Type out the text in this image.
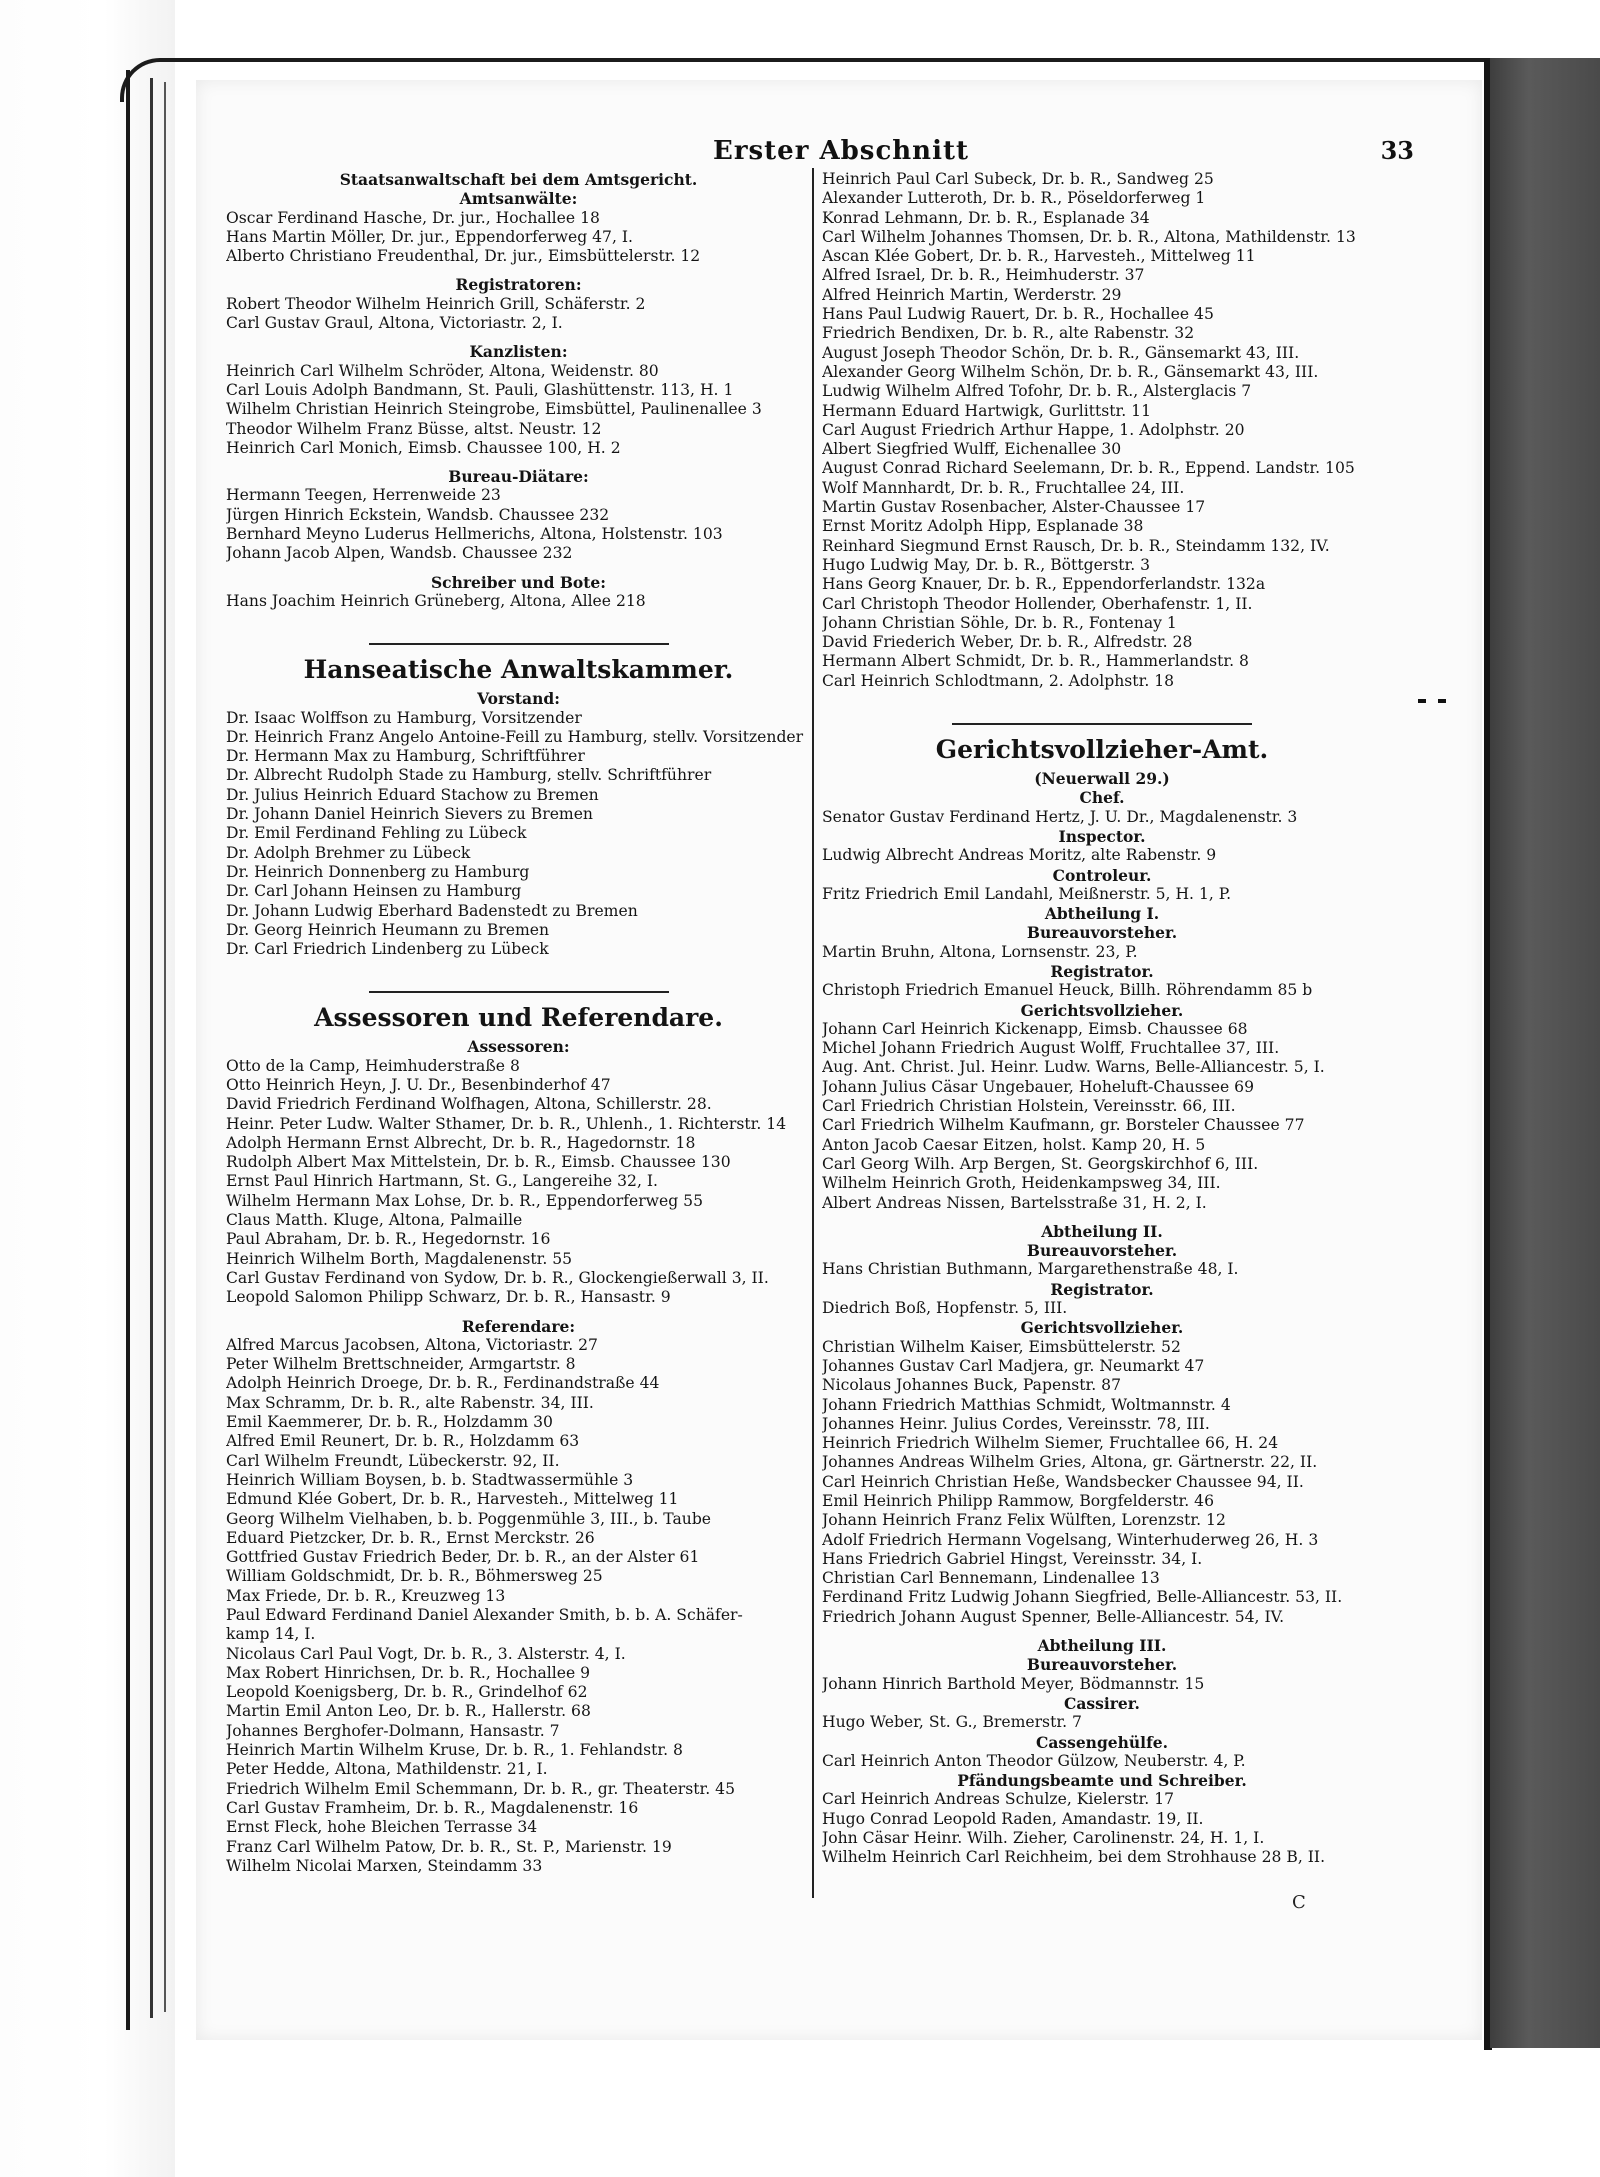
Erster Abschnitt	33
Staatsanwaltschaft bei dem Amtsgericht.
Amtsanwälte:
Oscar Ferdinand Hasche, Dr. jur., Hochallee 18
Hans Martin Möller, Dr. jur., Eppendorferweg 47, I.
Alberto Christiano Freudenthal, Dr. jur., Eimsbüttelerstr. 12
Registratoren:
Robert Theodor Wilhelm Heinrich Grill, Schäferstr. 2
Carl Gustav Graul, Altona, Victoriastr. 2, I.
Kanzlisten:
Heinrich Carl Wilhelm Schröder, Altona, Weidenstr. 80
Carl Louis Adolph Bandmann, St. Pauli, Glashüttenstr. 113, H. 1
Wilhelm Christian Heinrich Steingrobe, Eimsbüttel, Paulinenallee 3
Theodor Wilhelm Franz Büsse, altst. Neustr. 12
Heinrich Carl Monich, Eimsb. Chaussee 100, H. 2
Bureau-Diätare:
Hermann Teegen, Herrenweide 23
Jürgen Hinrich Eckstein, Wandsb. Chaussee 232
Bernhard Meyno Luderus Hellmerichs, Altona, Holstenstr. 103
Johann Jacob Alpen, Wandsb. Chaussee 232
Schreiber und Bote:
Hans Joachim Heinrich Grüneberg, Altona, Allee 218
Hanseatische Anwaltskammer.
Vorstand:
Dr. Isaac Wolffson zu Hamburg, Vorsitzender
Dr. Heinrich Franz Angelo Antoine-Feill zu Hamburg, stellv. Vorsitzender
Dr. Hermann Max zu Hamburg, Schriftführer
Dr. Albrecht Rudolph Stade zu Hamburg, stellv. Schriftführer
Dr. Julius Heinrich Eduard Stachow zu Bremen
Dr. Johann Daniel Heinrich Sievers zu Bremen
Dr. Emil Ferdinand Fehling zu Lübeck
Dr. Adolph Brehmer zu Lübeck
Dr. Heinrich Donnenberg zu Hamburg
Dr. Carl Johann Heinsen zu Hamburg
Dr. Johann Ludwig Eberhard Badenstedt zu Bremen
Dr. Georg Heinrich Heumann zu Bremen
Dr. Carl Friedrich Lindenberg zu Lübeck
Assessoren und Referendare.
Assessoren:
Otto de la Camp, Heimhuderstraße 8
Otto Heinrich Heyn, J. U. Dr., Besenbinderhof 47
David Friedrich Ferdinand Wolfhagen, Altona, Schillerstr. 28.
Heinr. Peter Ludw. Walter Sthamer, Dr. b. R., Uhlenh., 1. Richterstr. 14
Adolph Hermann Ernst Albrecht, Dr. b. R., Hagedornstr. 18
Rudolph Albert Max Mittelstein, Dr. b. R., Eimsb. Chaussee 130
Ernst Paul Hinrich Hartmann, St. G., Langereihe 32, I.
Wilhelm Hermann Max Lohse, Dr. b. R., Eppendorferweg 55
Claus Matth. Kluge, Altona, Palmaille
Paul Abraham, Dr. b. R., Hegedornstr. 16
Heinrich Wilhelm Borth, Magdalenenstr. 55
Carl Gustav Ferdinand von Sydow, Dr. b. R., Glockengießerwall 3, II.
Leopold Salomon Philipp Schwarz, Dr. b. R., Hansastr. 9
Referendare:
Alfred Marcus Jacobsen, Altona, Victoriastr. 27
Peter Wilhelm Brettschneider, Armgartstr. 8
Adolph Heinrich Droege, Dr. b. R., Ferdinandstraße 44
Max Schramm, Dr. b. R., alte Rabenstr. 34, III.
Emil Kaemmerer, Dr. b. R., Holzdamm 30
Alfred Emil Reunert, Dr. b. R., Holzdamm 63
Carl Wilhelm Freundt, Lübeckerstr. 92, II.
Heinrich William Boysen, b. b. Stadtwassermühle 3
Edmund Klée Gobert, Dr. b. R., Harvesteh., Mittelweg 11
Georg Wilhelm Vielhaben, b. b. Poggenmühle 3, III., b. Taube
Eduard Pietzcker, Dr. b. R., Ernst Merckstr. 26
Gottfried Gustav Friedrich Beder, Dr. b. R., an der Alster 61
William Goldschmidt, Dr. b. R., Böhmersweg 25
Max Friede, Dr. b. R., Kreuzweg 13
Paul Edward Ferdinand Daniel Alexander Smith, b. b. A. Schäfer-
kamp 14, I.
Nicolaus Carl Paul Vogt, Dr. b. R., 3. Alsterstr. 4, I.
Max Robert Hinrichsen, Dr. b. R., Hochallee 9
Leopold Koenigsberg, Dr. b. R., Grindelhof 62
Martin Emil Anton Leo, Dr. b. R., Hallerstr. 68
Johannes Berghofer-Dolmann, Hansastr. 7
Heinrich Martin Wilhelm Kruse, Dr. b. R., 1. Fehlandstr. 8
Peter Hedde, Altona, Mathildenstr. 21, I.
Friedrich Wilhelm Emil Schemmann, Dr. b. R., gr. Theaterstr. 45
Carl Gustav Framheim, Dr. b. R., Magdalenenstr. 16
Ernst Fleck, hohe Bleichen Terrasse 34
Franz Carl Wilhelm Patow, Dr. b. R., St. P., Marienstr. 19
Wilhelm Nicolai Marxen, Steindamm 33
Heinrich Paul Carl Subeck, Dr. b. R., Sandweg 25
Alexander Lutteroth, Dr. b. R., Pöseldorferweg 1
Konrad Lehmann, Dr. b. R., Esplanade 34
Carl Wilhelm Johannes Thomsen, Dr. b. R., Altona, Mathildenstr. 13
Ascan Klée Gobert, Dr. b. R., Harvesteh., Mittelweg 11
Alfred Israel, Dr. b. R., Heimhuderstr. 37
Alfred Heinrich Martin, Werderstr. 29
Hans Paul Ludwig Rauert, Dr. b. R., Hochallee 45
Friedrich Bendixen, Dr. b. R., alte Rabenstr. 32
August Joseph Theodor Schön, Dr. b. R., Gänsemarkt 43, III.
Alexander Georg Wilhelm Schön, Dr. b. R., Gänsemarkt 43, III.
Ludwig Wilhelm Alfred Tofohr, Dr. b. R., Alsterglacis 7
Hermann Eduard Hartwigk, Gurlittstr. 11
Carl August Friedrich Arthur Happe, 1. Adolphstr. 20
Albert Siegfried Wulff, Eichenallee 30
August Conrad Richard Seelemann, Dr. b. R., Eppend. Landstr. 105
Wolf Mannhardt, Dr. b. R., Fruchtallee 24, III.
Martin Gustav Rosenbacher, Alster-Chaussee 17
Ernst Moritz Adolph Hipp, Esplanade 38
Reinhard Siegmund Ernst Rausch, Dr. b. R., Steindamm 132, IV.
Hugo Ludwig May, Dr. b. R., Böttgerstr. 3
Hans Georg Knauer, Dr. b. R., Eppendorferlandstr. 132a
Carl Christoph Theodor Hollender, Oberhafenstr. 1, II.
Johann Christian Söhle, Dr. b. R., Fontenay 1
David Friederich Weber, Dr. b. R., Alfredstr. 28
Hermann Albert Schmidt, Dr. b. R., Hammerlandstr. 8
Carl Heinrich Schlodtmann, 2. Adolphstr. 18
Gerichtsvollzieher-Amt.
(Neuerwall 29.)
Chef.
Senator Gustav Ferdinand Hertz, J. U. Dr., Magdalenenstr. 3
Inspector.
Ludwig Albrecht Andreas Moritz, alte Rabenstr. 9
Controleur.
Fritz Friedrich Emil Landahl, Meißnerstr. 5, H. 1, P.
Abtheilung I.
Bureauvorsteher.
Martin Bruhn, Altona, Lornsenstr. 23, P.
Registrator.
Christoph Friedrich Emanuel Heuck, Billh. Röhrendamm 85 b
Gerichtsvollzieher.
Johann Carl Heinrich Kickenapp, Eimsb. Chaussee 68
Michel Johann Friedrich August Wolff, Fruchtallee 37, III.
Aug. Ant. Christ. Jul. Heinr. Ludw. Warns, Belle-Alliancestr. 5, I.
Johann Julius Cäsar Ungebauer, Hoheluft-Chaussee 69
Carl Friedrich Christian Holstein, Vereinsstr. 66, III.
Carl Friedrich Wilhelm Kaufmann, gr. Borsteler Chaussee 77
Anton Jacob Caesar Eitzen, holst. Kamp 20, H. 5
Carl Georg Wilh. Arp Bergen, St. Georgskirchhof 6, III.
Wilhelm Heinrich Groth, Heidenkampsweg 34, III.
Albert Andreas Nissen, Bartelsstraße 31, H. 2, I.
Abtheilung II.
Bureauvorsteher.
Hans Christian Buthmann, Margarethenstraße 48, I.
Registrator.
Diedrich Boß, Hopfenstr. 5, III.
Gerichtsvollzieher.
Christian Wilhelm Kaiser, Eimsbüttelerstr. 52
Johannes Gustav Carl Madjera, gr. Neumarkt 47
Nicolaus Johannes Buck, Papenstr. 87
Johann Friedrich Matthias Schmidt, Woltmannstr. 4
Johannes Heinr. Julius Cordes, Vereinsstr. 78, III.
Heinrich Friedrich Wilhelm Siemer, Fruchtallee 66, H. 24
Johannes Andreas Wilhelm Gries, Altona, gr. Gärtnerstr. 22, II.
Carl Heinrich Christian Heße, Wandsbecker Chaussee 94, II.
Emil Heinrich Philipp Rammow, Borgfelderstr. 46
Johann Heinrich Franz Felix Wülften, Lorenzstr. 12
Adolf Friedrich Hermann Vogelsang, Winterhuderweg 26, H. 3
Hans Friedrich Gabriel Hingst, Vereinsstr. 34, I.
Christian Carl Bennemann, Lindenallee 13
Ferdinand Fritz Ludwig Johann Siegfried, Belle-Alliancestr. 53, II.
Friedrich Johann August Spenner, Belle-Alliancestr. 54, IV.
Abtheilung III.
Bureauvorsteher.
Johann Hinrich Barthold Meyer, Bödmannstr. 15
Cassirer.
Hugo Weber, St. G., Bremerstr. 7
Cassengehülfe.
Carl Heinrich Anton Theodor Gülzow, Neuberstr. 4, P.
Pfändungsbeamte und Schreiber.
Carl Heinrich Andreas Schulze, Kielerstr. 17
Hugo Conrad Leopold Raden, Amandastr. 19, II.
John Cäsar Heinr. Wilh. Zieher, Carolinenstr. 24, H. 1, I.
Wilhelm Heinrich Carl Reichheim, bei dem Strohhause 28 B, II.
C
